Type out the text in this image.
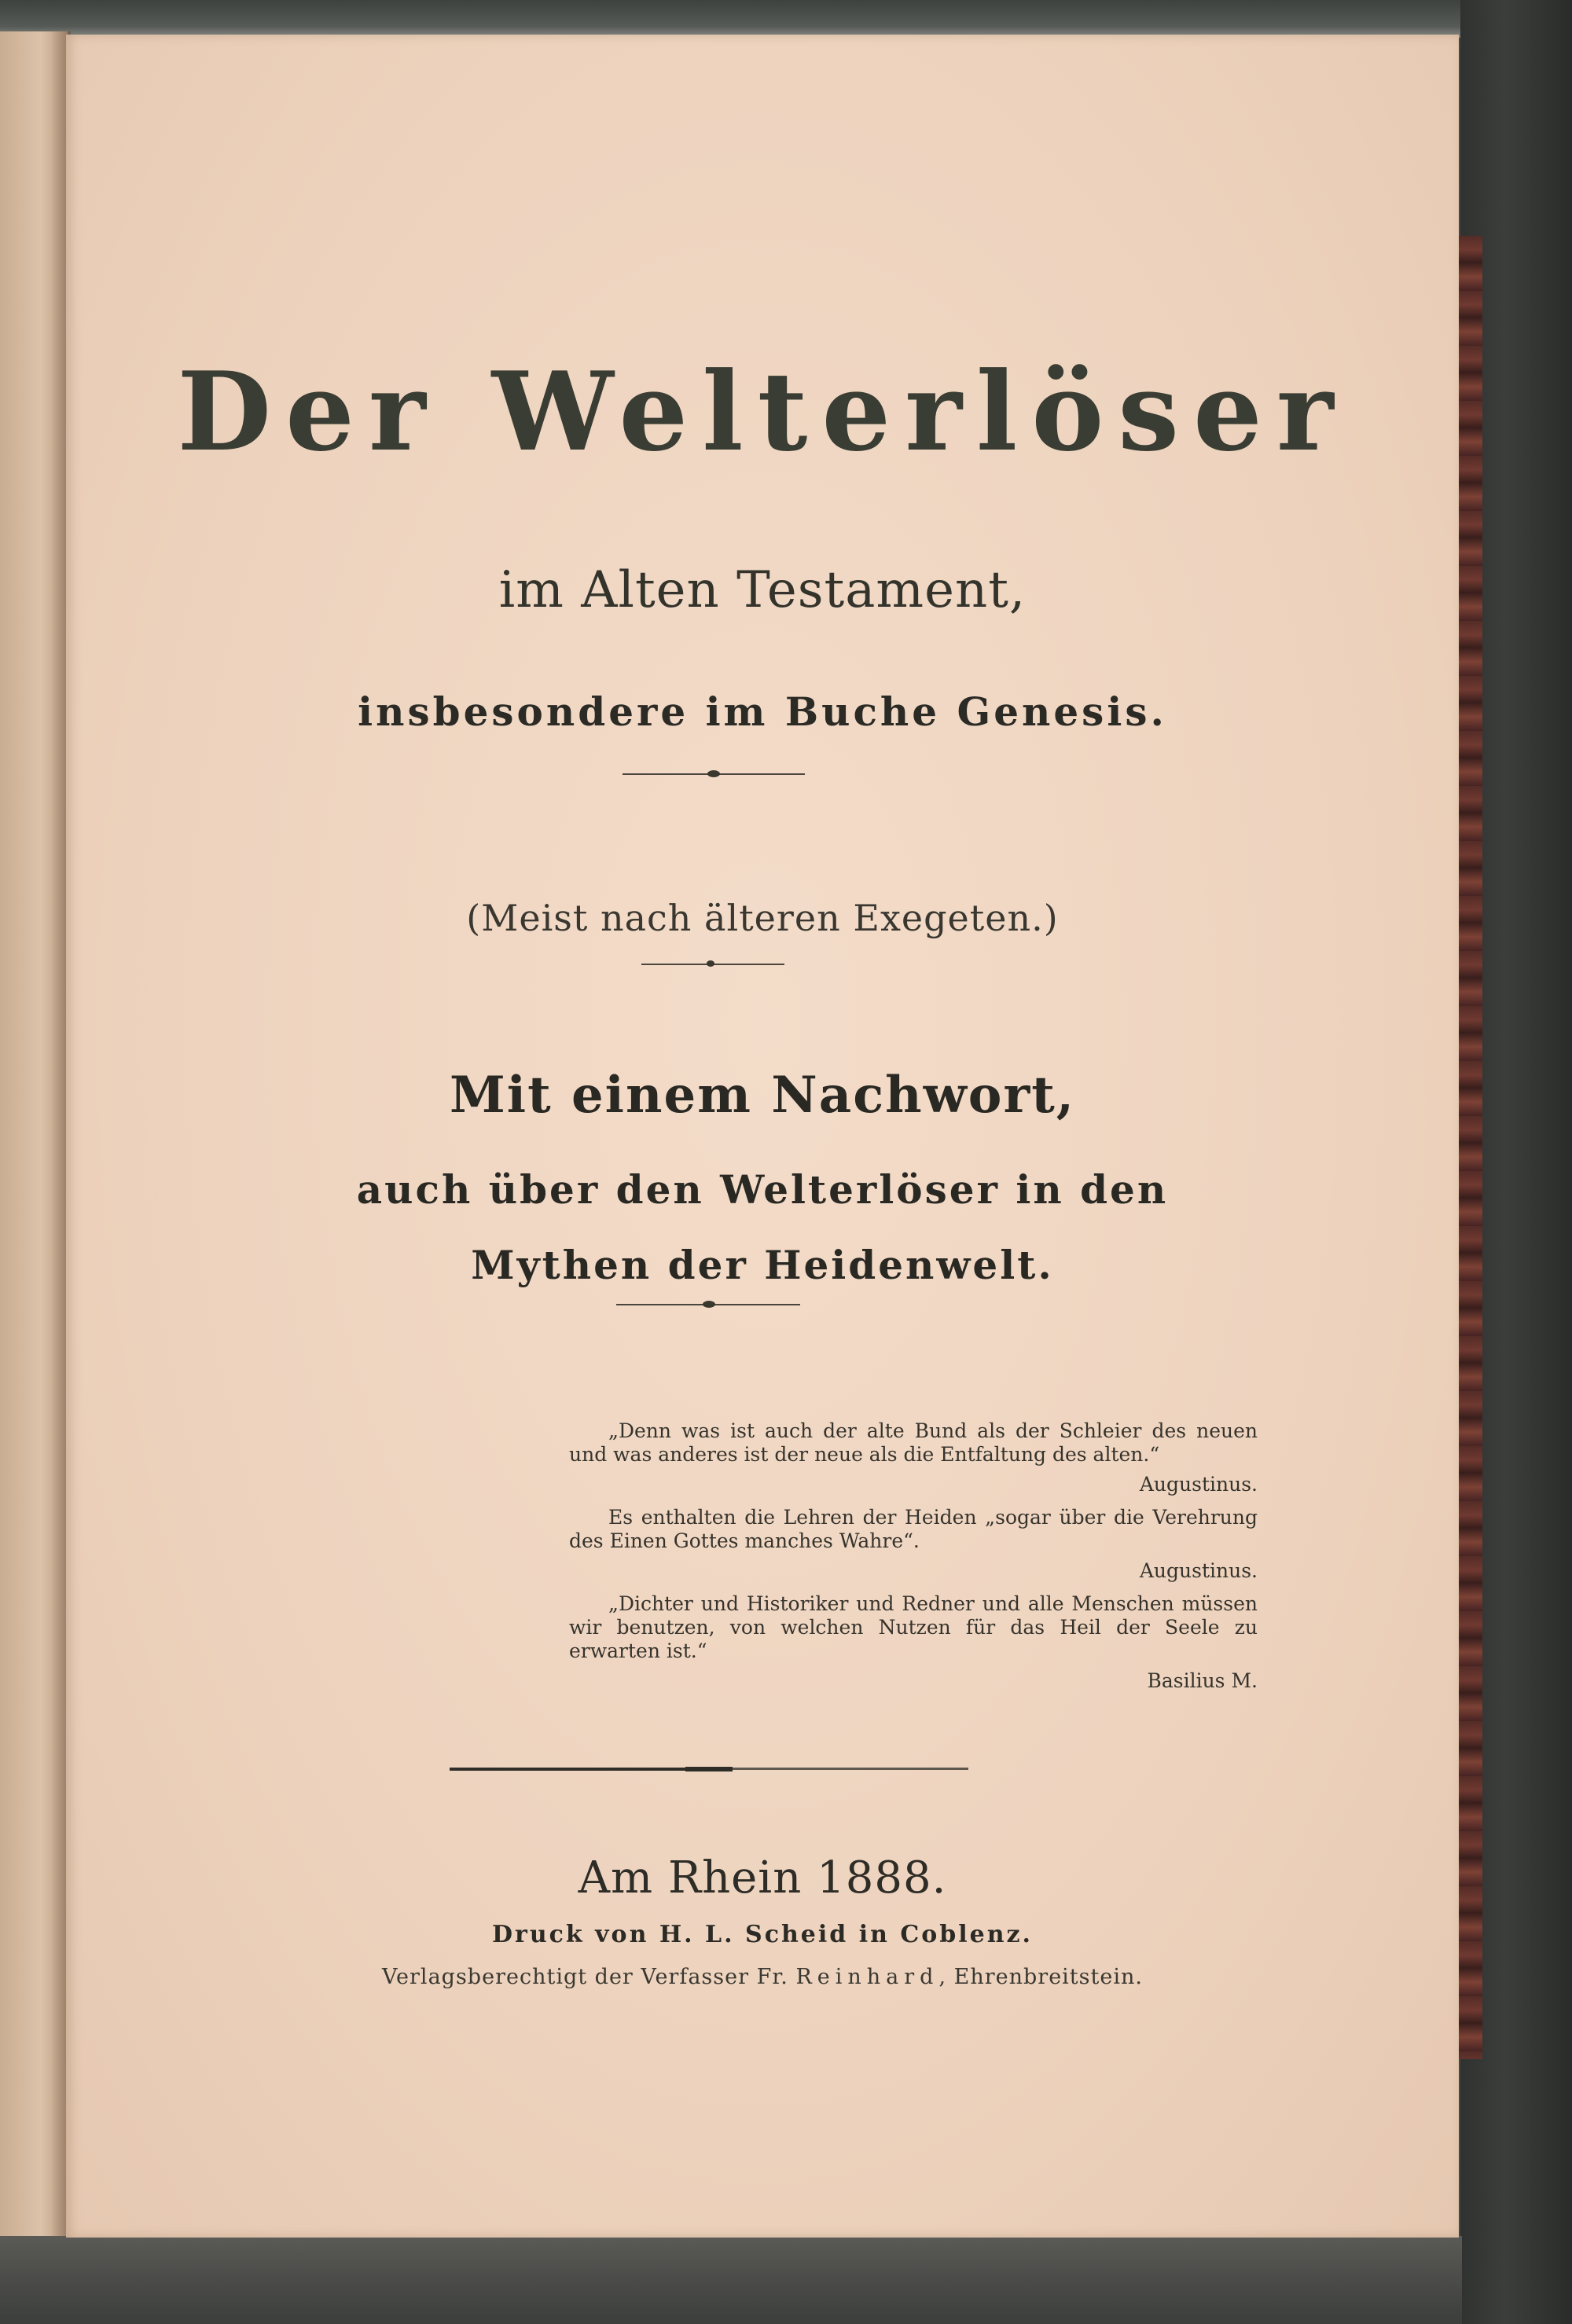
Der Welterlöser
im Alten Testament,
insbesondere im Buche Genesis.
(Meist nach älteren Exegeten.)
Mit einem Nachwort,
auch über den Welterlöser in den
Mythen der Heidenwelt.

„Denn was ist auch der alte Bund als der Schleier des neuen und was anderes ist der neue als die Entfaltung des alten.“

Augustinus.

Es enthalten die Lehren der Heiden „sogar über die Verehrung des Einen Gottes manches Wahre“.

Augustinus.

„Dichter und Historiker und Redner und alle Menschen müssen wir benutzen, von welchen Nutzen für das Heil der Seele zu erwarten ist.“

Basilius M.
Am Rhein 1888.
Druck von H. L. Scheid in Coblenz.
Verlagsberechtigt der Verfasser Fr. Reinhard, Ehrenbreitstein.
